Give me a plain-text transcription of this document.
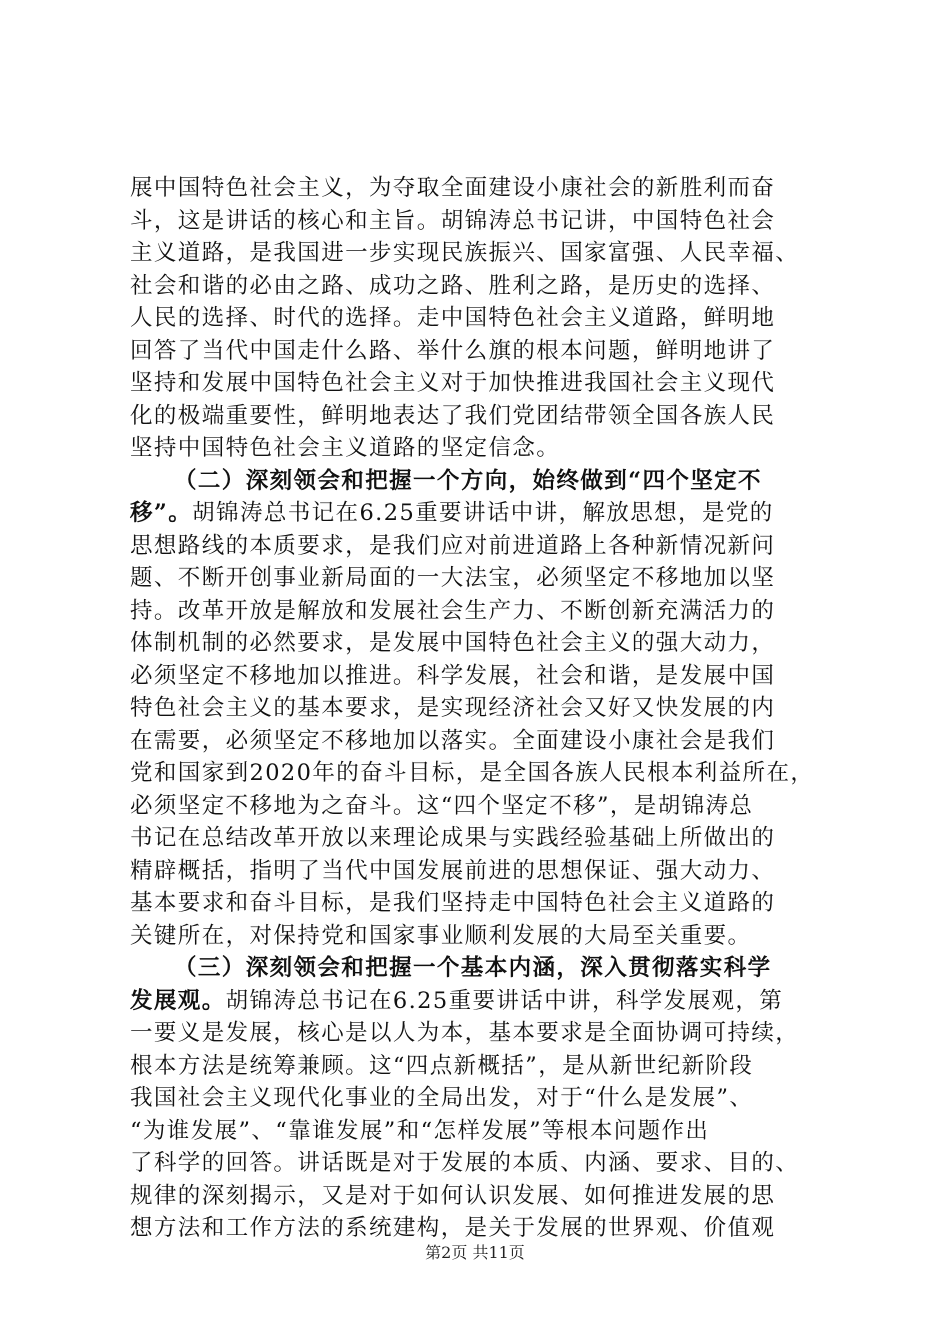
展中国特色社会主义，为夺取全面建设小康社会的新胜利而奋
斗，这是讲话的核心和主旨。胡锦涛总书记讲，中国特色社会
主义道路，是我国进一步实现民族振兴、国家富强、人民幸福、
社会和谐的必由之路、成功之路、胜利之路，是历史的选择、
人民的选择、时代的选择。走中国特色社会主义道路，鲜明地
回答了当代中国走什么路、举什么旗的根本问题，鲜明地讲了
坚持和发展中国特色社会主义对于加快推进我国社会主义现代
化的极端重要性，鲜明地表达了我们党团结带领全国各族人民
坚持中国特色社会主义道路的坚定信念。
（二）深刻领会和把握一个方向，始终做到“四个坚定不
移”。胡锦涛总书记在6.25重要讲话中讲，解放思想，是党的
思想路线的本质要求，是我们应对前进道路上各种新情况新问
题、不断开创事业新局面的一大法宝，必须坚定不移地加以坚
持。改革开放是解放和发展社会生产力、不断创新充满活力的
体制机制的必然要求，是发展中国特色社会主义的强大动力，
必须坚定不移地加以推进。科学发展，社会和谐，是发展中国
特色社会主义的基本要求，是实现经济社会又好又快发展的内
在需要，必须坚定不移地加以落实。全面建设小康社会是我们
党和国家到2020年的奋斗目标，是全国各族人民根本利益所在，
必须坚定不移地为之奋斗。这“四个坚定不移”，是胡锦涛总
书记在总结改革开放以来理论成果与实践经验基础上所做出的
精辟概括，指明了当代中国发展前进的思想保证、强大动力、
基本要求和奋斗目标，是我们坚持走中国特色社会主义道路的
关键所在，对保持党和国家事业顺利发展的大局至关重要。
（三）深刻领会和把握一个基本内涵，深入贯彻落实科学
发展观。胡锦涛总书记在6.25重要讲话中讲，科学发展观，第
一要义是发展，核心是以人为本，基本要求是全面协调可持续，
根本方法是统筹兼顾。这“四点新概括”，是从新世纪新阶段
我国社会主义现代化事业的全局出发，对于“什么是发展”、
“为谁发展”、“靠谁发展”和“怎样发展”等根本问题作出
了科学的回答。讲话既是对于发展的本质、内涵、要求、目的、
规律的深刻揭示，又是对于如何认识发展、如何推进发展的思
想方法和工作方法的系统建构，是关于发展的世界观、价值观
第2页 共11页
